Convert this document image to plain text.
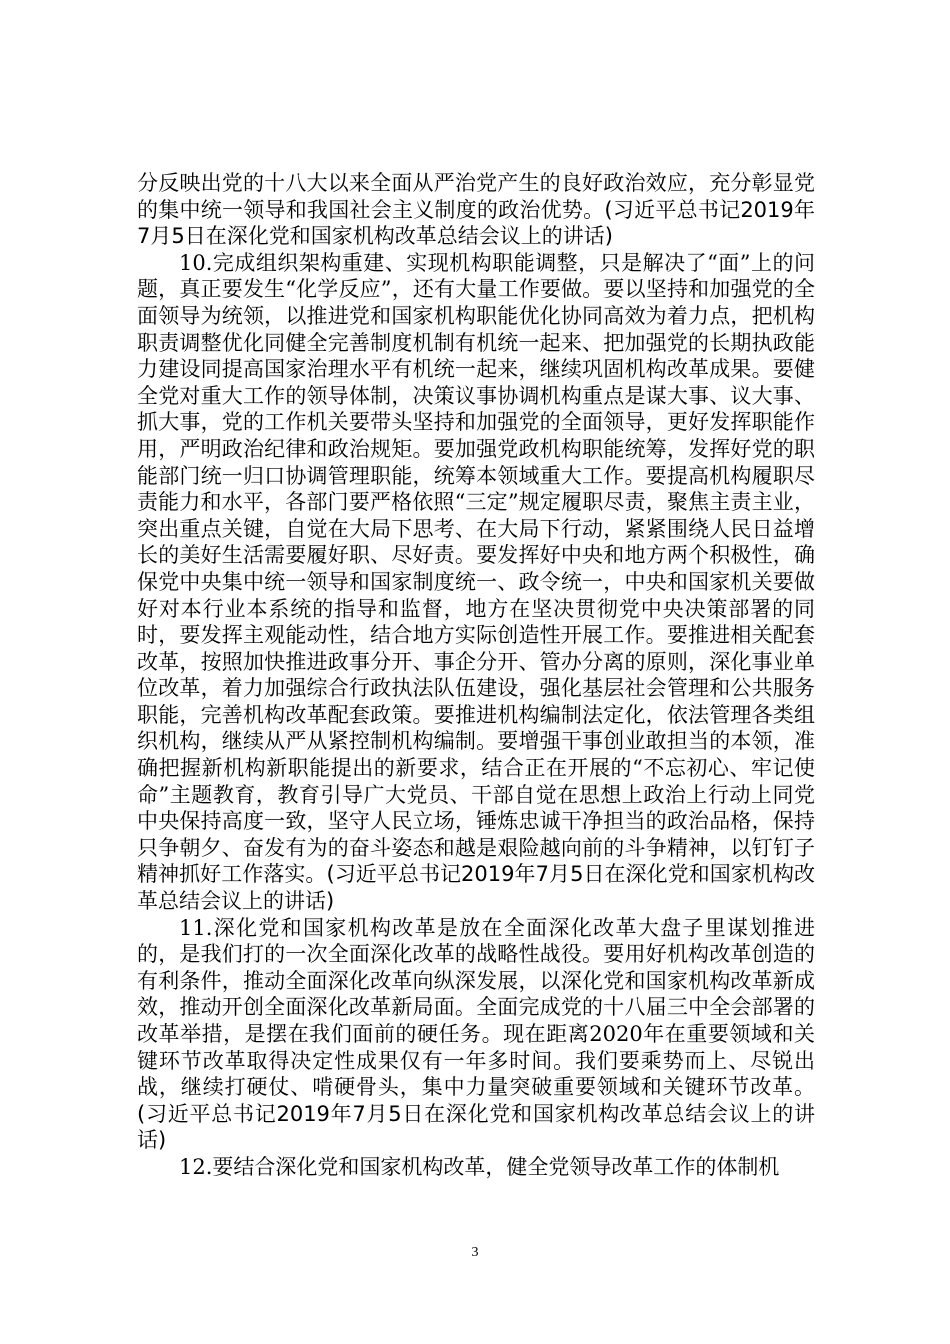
分反映出党的十八大以来全面从严治党产生的良好政治效应，充分彰显党的集中统一领导和我国社会主义制度的政治优势。(习近平总书记2019年7月5日在深化党和国家机构改革总结会议上的讲话)

10.完成组织架构重建、实现机构职能调整，只是解决了“面”上的问题，真正要发生“化学反应”，还有大量工作要做。要以坚持和加强党的全面领导为统领，以推进党和国家机构职能优化协同高效为着力点，把机构职责调整优化同健全完善制度机制有机统一起来、把加强党的长期执政能力建设同提高国家治理水平有机统一起来，继续巩固机构改革成果。要健全党对重大工作的领导体制，决策议事协调机构重点是谋大事、议大事、抓大事，党的工作机关要带头坚持和加强党的全面领导，更好发挥职能作用，严明政治纪律和政治规矩。要加强党政机构职能统筹，发挥好党的职能部门统一归口协调管理职能，统筹本领域重大工作。要提高机构履职尽责能力和水平，各部门要严格依照“三定”规定履职尽责，聚焦主责主业，突出重点关键，自觉在大局下思考、在大局下行动，紧紧围绕人民日益增长的美好生活需要履好职、尽好责。要发挥好中央和地方两个积极性，确保党中央集中统一领导和国家制度统一、政令统一，中央和国家机关要做好对本行业本系统的指导和监督，地方在坚决贯彻党中央决策部署的同时，要发挥主观能动性，结合地方实际创造性开展工作。要推进相关配套改革，按照加快推进政事分开、事企分开、管办分离的原则，深化事业单位改革，着力加强综合行政执法队伍建设，强化基层社会管理和公共服务职能，完善机构改革配套政策。要推进机构编制法定化，依法管理各类组织机构，继续从严从紧控制机构编制。要增强干事创业敢担当的本领，准确把握新机构新职能提出的新要求，结合正在开展的“不忘初心、牢记使命”主题教育，教育引导广大党员、干部自觉在思想上政治上行动上同党中央保持高度一致，坚守人民立场，锤炼忠诚干净担当的政治品格，保持只争朝夕、奋发有为的奋斗姿态和越是艰险越向前的斗争精神，以钉钉子精神抓好工作落实。(习近平总书记2019年7月5日在深化党和国家机构改革总结会议上的讲话)

11.深化党和国家机构改革是放在全面深化改革大盘子里谋划推进的，是我们打的一次全面深化改革的战略性战役。要用好机构改革创造的有利条件，推动全面深化改革向纵深发展，以深化党和国家机构改革新成效，推动开创全面深化改革新局面。全面完成党的十八届三中全会部署的改革举措，是摆在我们面前的硬任务。现在距离2020年在重要领域和关键环节改革取得决定性成果仅有一年多时间。我们要乘势而上、尽锐出战，继续打硬仗、啃硬骨头，集中力量突破重要领域和关键环节改革。(习近平总书记2019年7月5日在深化党和国家机构改革总结会议上的讲话)

12.要结合深化党和国家机构改革，健全党领导改革工作的体制机

3
